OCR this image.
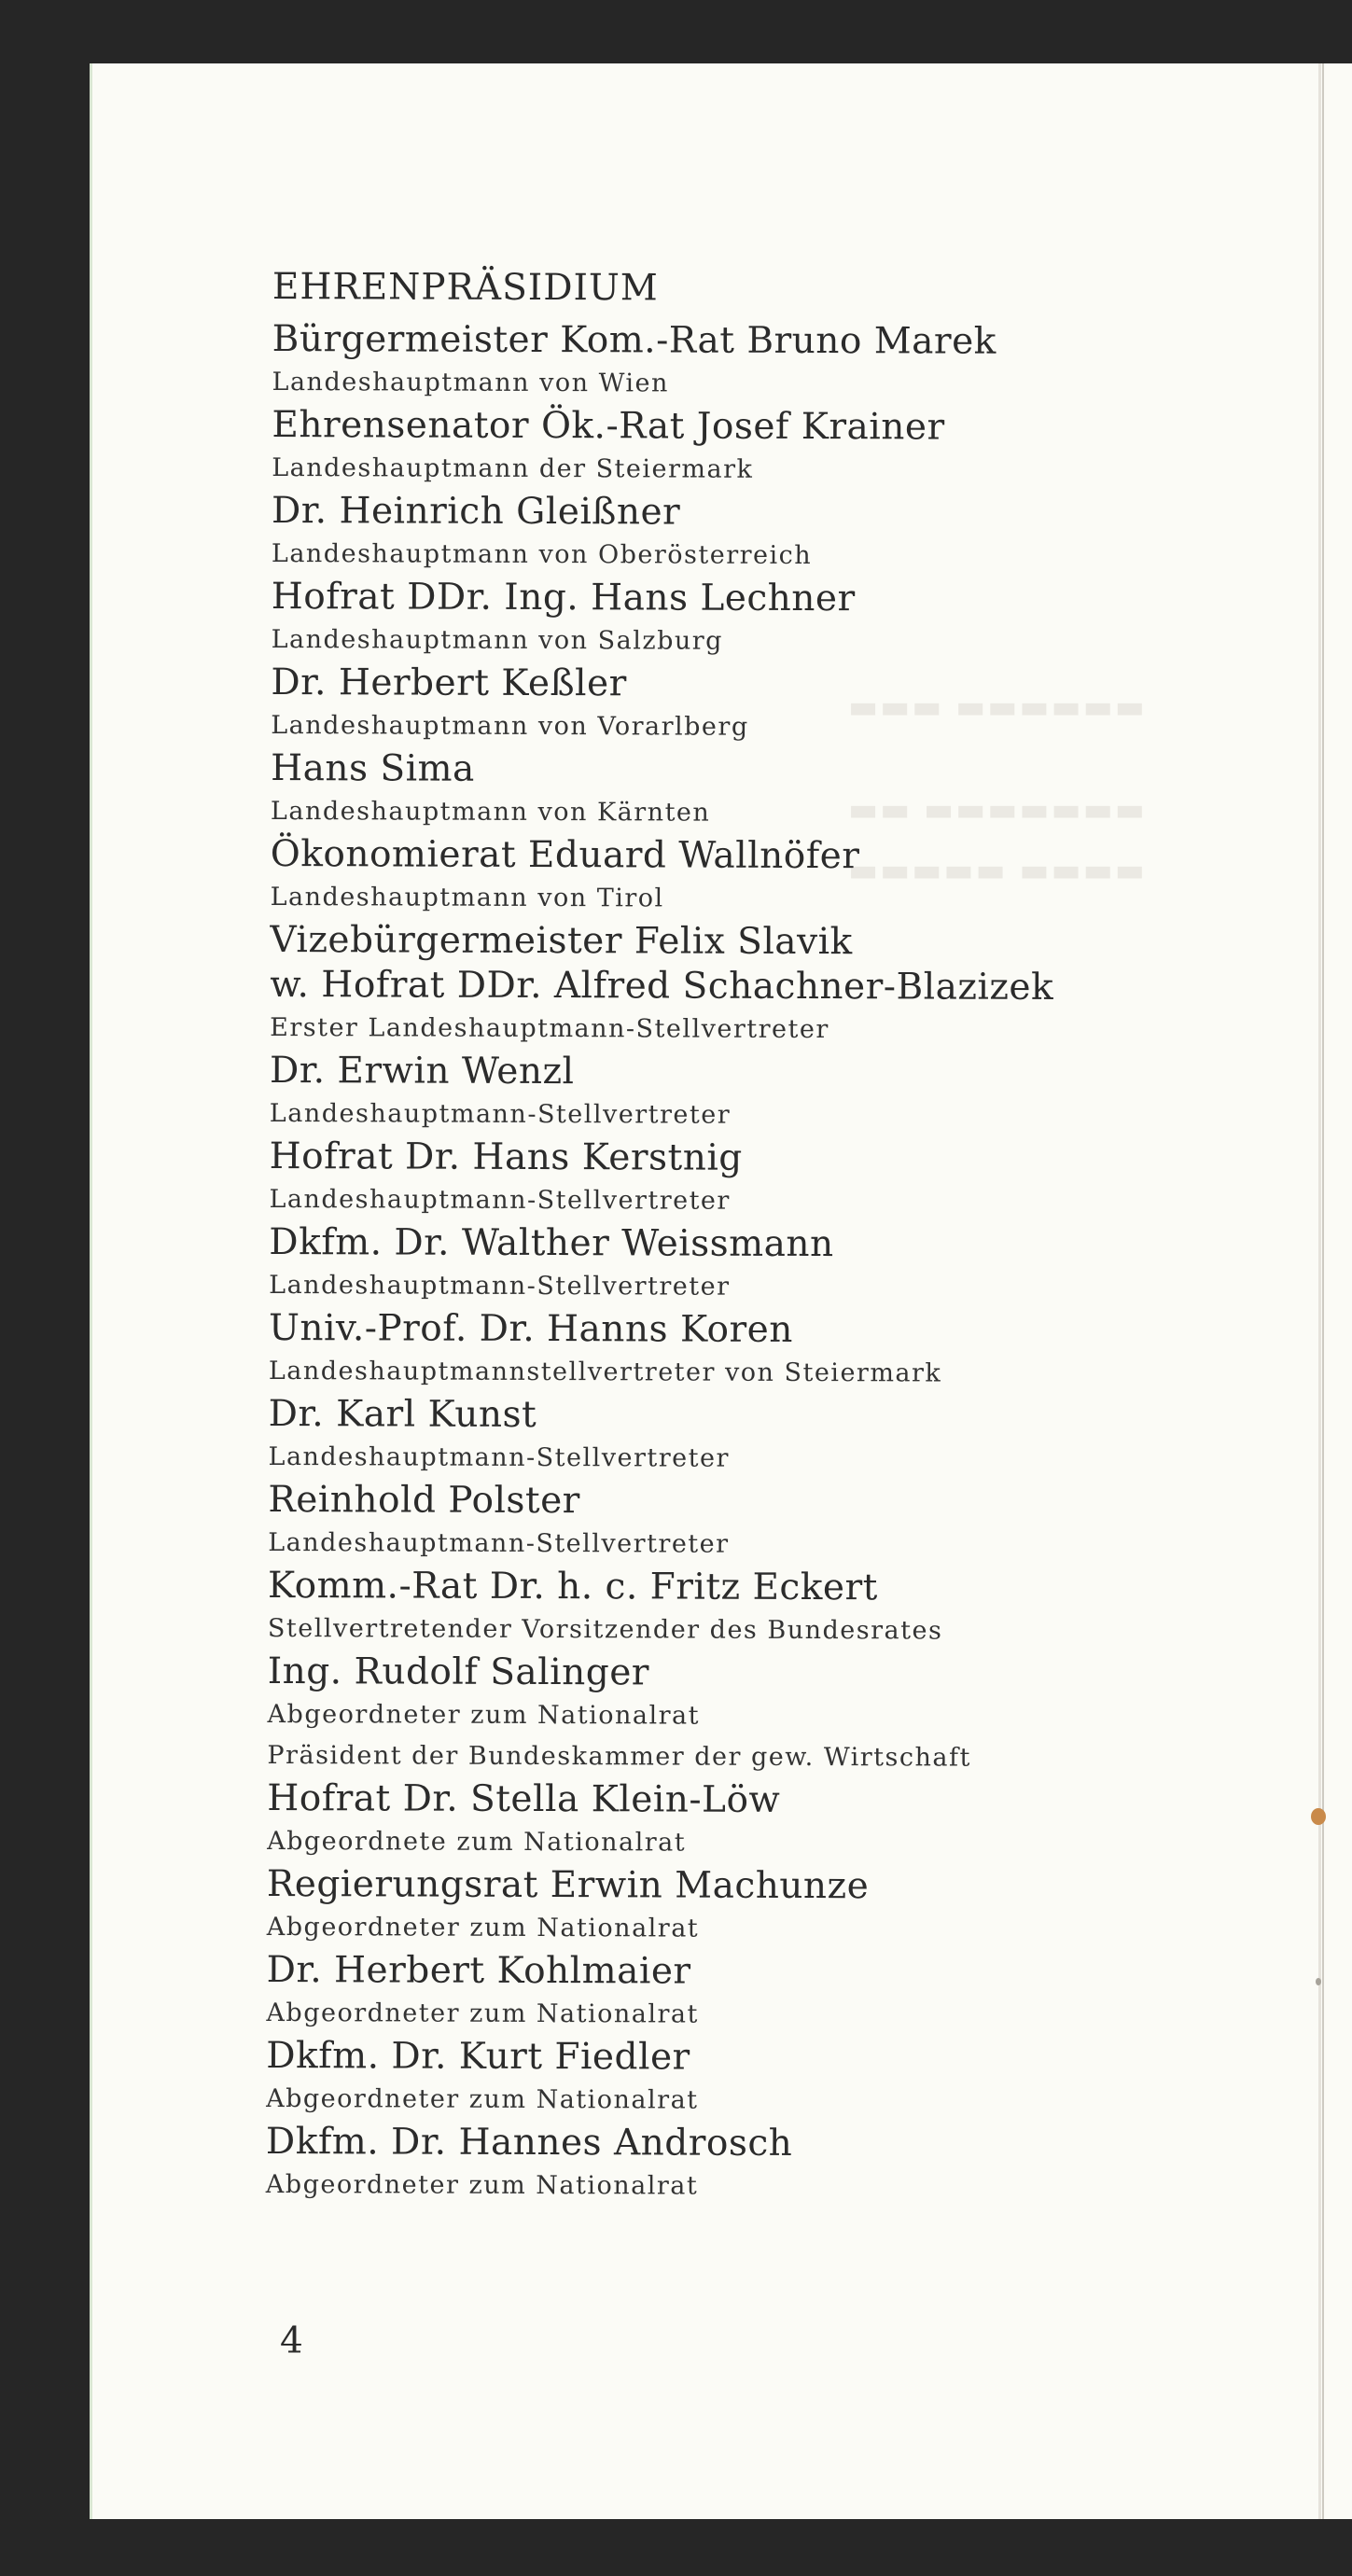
▬▬▬ ▬▬▬▬▬▬
▬▬ ▬▬▬▬▬▬▬
▬▬▬▬▬ ▬▬▬▬
EHRENPRÄSIDIUM
Bürgermeister Kom.-Rat Bruno Marek
Landeshauptmann von Wien
Ehrensenator Ök.-Rat Josef Krainer
Landeshauptmann der Steiermark
Dr. Heinrich Gleißner
Landeshauptmann von Oberösterreich
Hofrat DDr. Ing. Hans Lechner
Landeshauptmann von Salzburg
Dr. Herbert Keßler
Landeshauptmann von Vorarlberg
Hans Sima
Landeshauptmann von Kärnten
Ökonomierat Eduard Wallnöfer
Landeshauptmann von Tirol
Vizebürgermeister Felix Slavik
w. Hofrat DDr. Alfred Schachner-Blazizek
Erster Landeshauptmann-Stellvertreter
Dr. Erwin Wenzl
Landeshauptmann-Stellvertreter
Hofrat Dr. Hans Kerstnig
Landeshauptmann-Stellvertreter
Dkfm. Dr. Walther Weissmann
Landeshauptmann-Stellvertreter
Univ.-Prof. Dr. Hanns Koren
Landeshauptmannstellvertreter von Steiermark
Dr. Karl Kunst
Landeshauptmann-Stellvertreter
Reinhold Polster
Landeshauptmann-Stellvertreter
Komm.-Rat Dr. h. c. Fritz Eckert
Stellvertretender Vorsitzender des Bundesrates
Ing. Rudolf Salinger
Abgeordneter zum Nationalrat
Präsident der Bundeskammer der gew. Wirtschaft
Hofrat Dr. Stella Klein-Löw
Abgeordnete zum Nationalrat
Regierungsrat Erwin Machunze
Abgeordneter zum Nationalrat
Dr. Herbert Kohlmaier
Abgeordneter zum Nationalrat
Dkfm. Dr. Kurt Fiedler
Abgeordneter zum Nationalrat
Dkfm. Dr. Hannes Androsch
Abgeordneter zum Nationalrat
4
